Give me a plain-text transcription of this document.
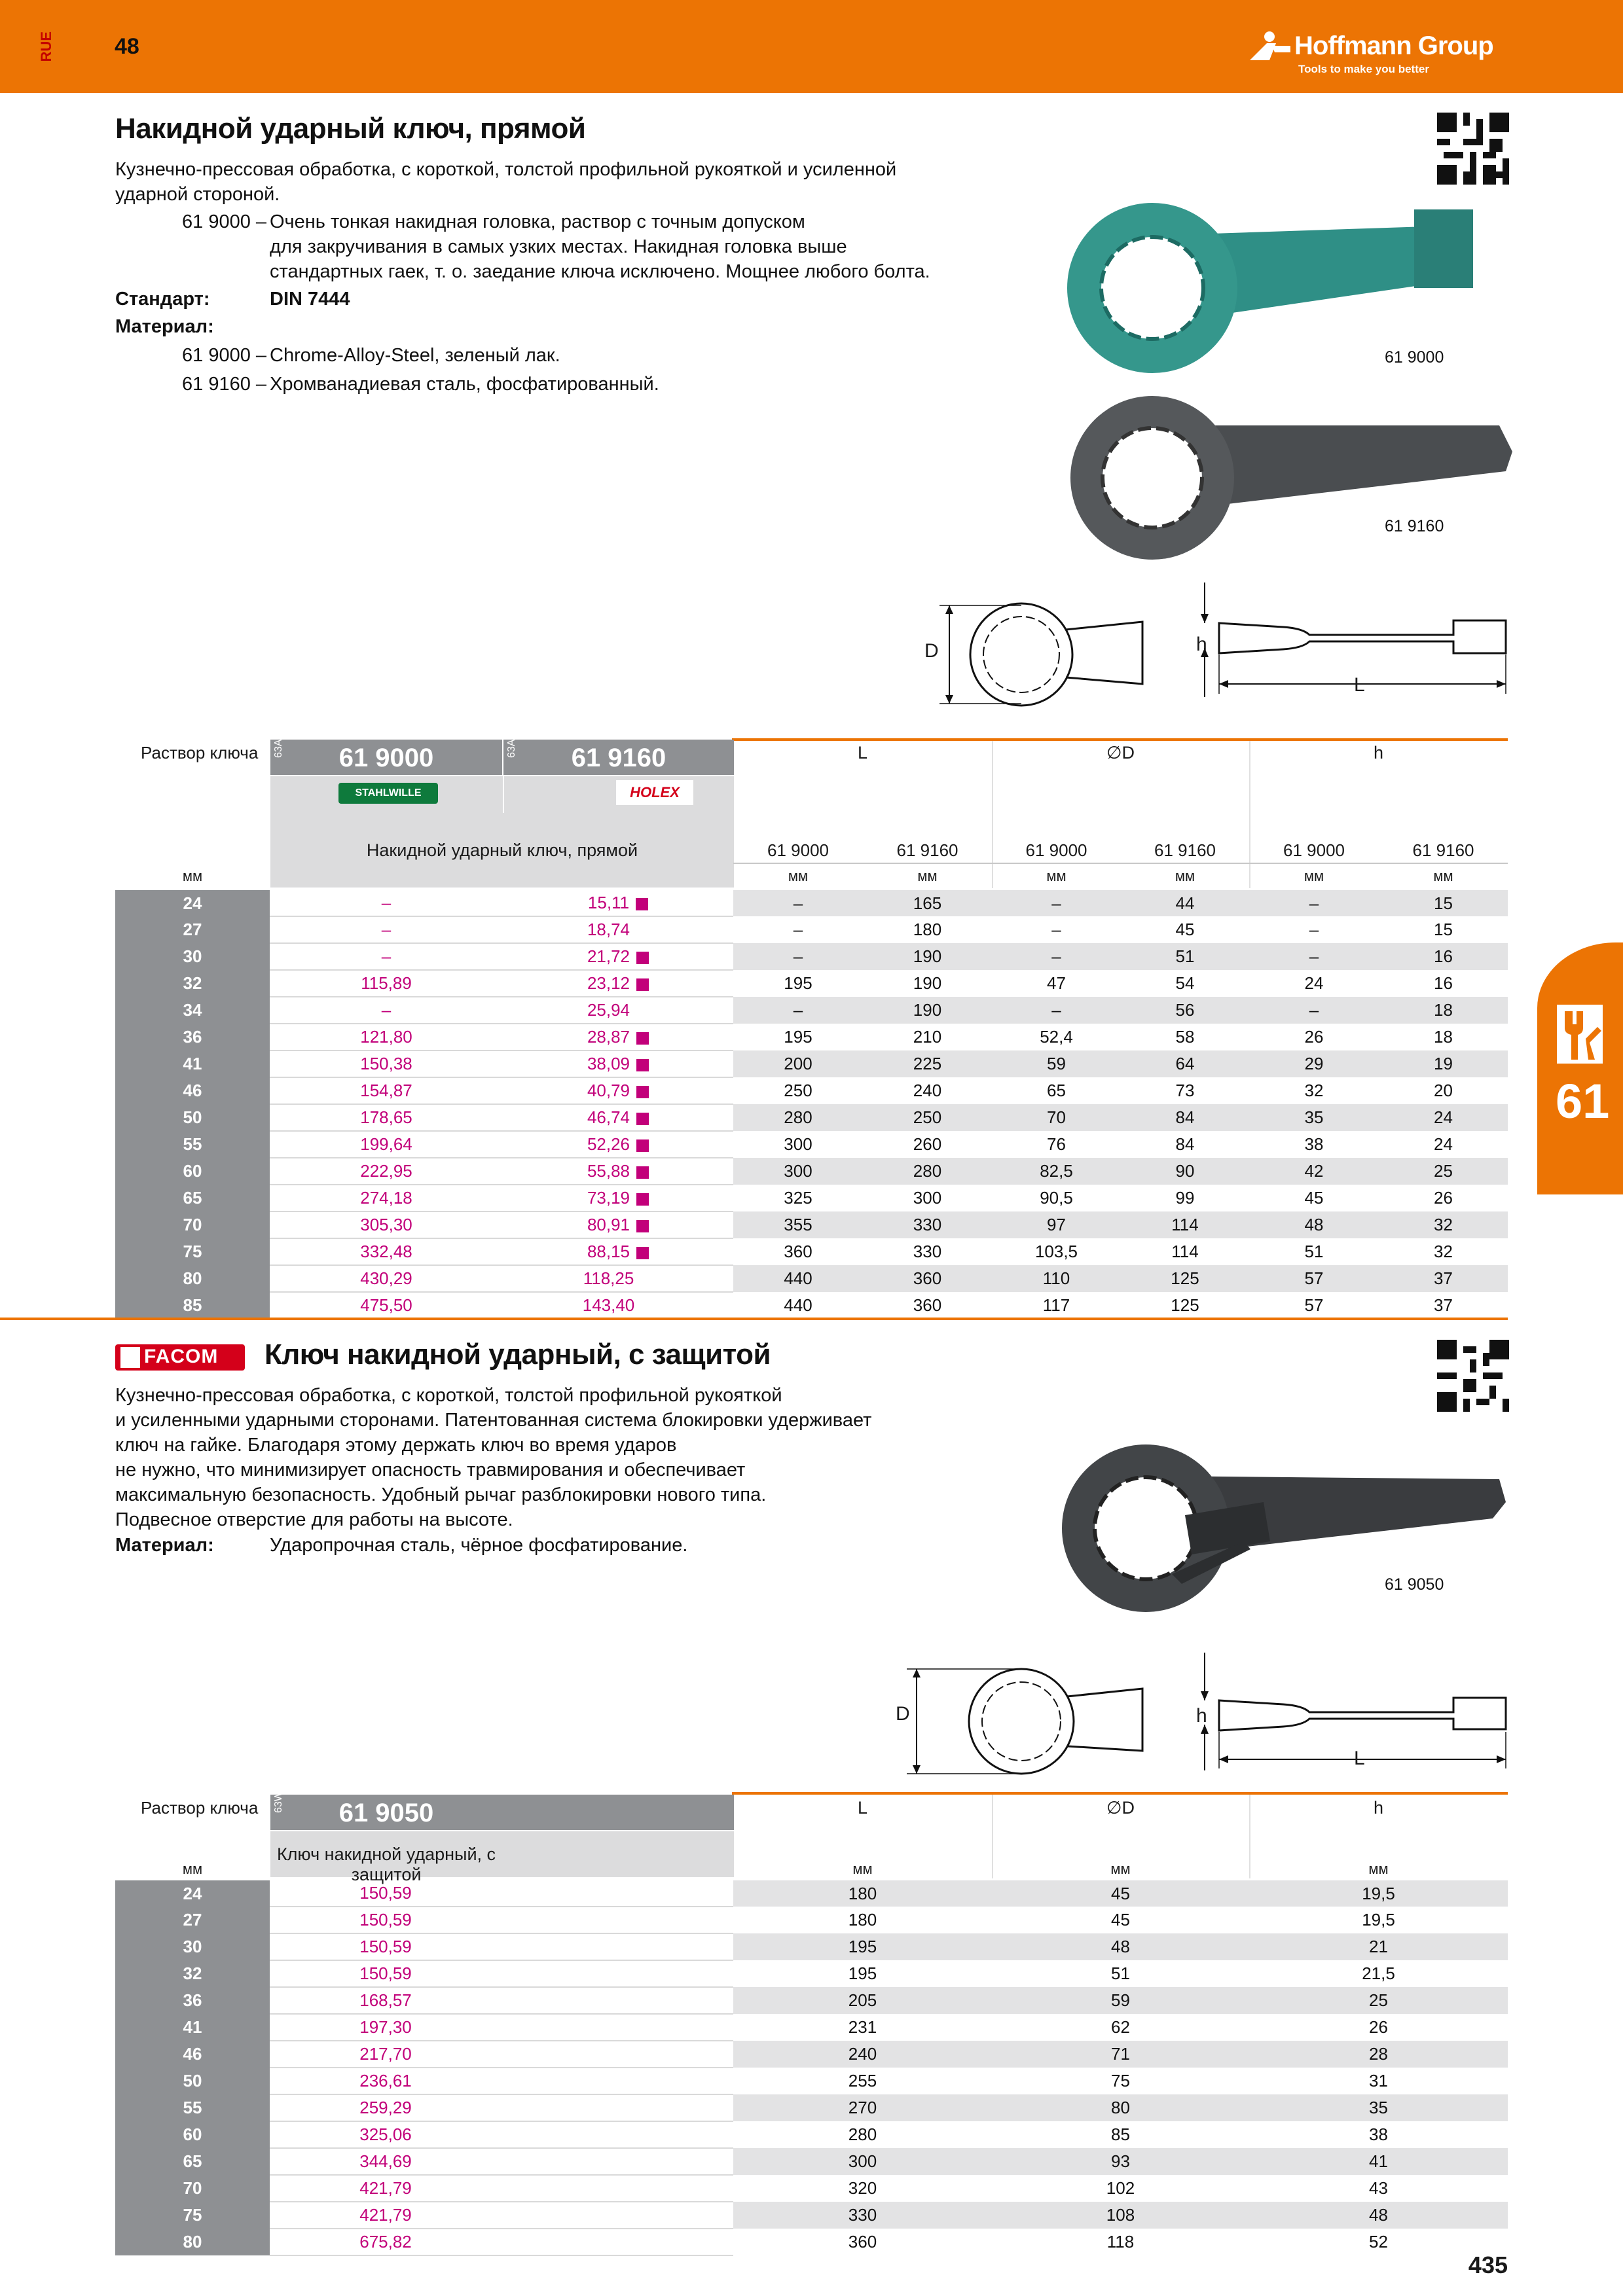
RUE	48	Hoffmann Group
Tools to make you better
Накидной ударный ключ, прямой
Кузнечно-прессовая обработка, с короткой, толстой профильной рукояткой и усиленной
ударной стороной.
61 9000 – Очень тонкая накидная головка, раствор с точным допуском
для закручивания в самых узких местах. Накидная головка выше
стандартных гаек, т. о. заедание ключа исключено. Мощнее любого болта.
Стандарт:	DIN 7444
Материал:
61 9000 – Chrome-Alloy-Steel, зеленый лак.
61 9160 – Хромванадиевая сталь, фосфатированный.
61 9000
61 9160
D	h
L
61
Раствор ключа 63A	61 9000	63A	61 9160
STAHLWILLE	HOLEX
Накидной ударный ключ, прямой
L	∅D	h
61 9000	61 9160	61 9000	61 9160	61 9000	61 9160
мм	мм	мм	мм	мм	мм	мм
24	–	15,11	–	165	–	44	–	15
27	–	18,74	–	180	–	45	–	15
30	–	21,72	–	190	–	51	–	16
32	115,89	23,12	195	190	47	54	24	16
34	–	25,94	–	190	–	56	–	18
36	121,80	28,87	195	210	52,4	58	26	18
41	150,38	38,09	200	225	59	64	29	19
46	154,87	40,79	250	240	65	73	32	20
50	178,65	46,74	280	250	70	84	35	24
55	199,64	52,26	300	260	76	84	38	24
60	222,95	55,88	300	280	82,5	90	42	25
65	274,18	73,19	325	300	90,5	99	45	26
70	305,30	80,91	355	330	97	114	48	32
75	332,48	88,15	360	330	103,5	114	51	32
80	430,29	118,25	440	360	110	125	57	37
85	475,50	143,40	440	360	117	125	57	37
FACOM Ключ накидной ударный, с защитой
Кузнечно-прессовая обработка, с короткой, толстой профильной рукояткой
и усиленными ударными сторонами. Патентованная система блокировки удерживает
ключ на гайке. Благодаря этому держать ключ во время ударов
не нужно, что минимизирует опасность травмирования и обеспечивает
максимальную безопасность. Удобный рычаг разблокировки нового типа.
Подвесное отверстие для работы на высоте.
Материал:	Ударопрочная сталь, чёрное фосфатирование.
61 9050
D	h
L
Раствор ключа 63W	61 9050
Ключ накидной ударный, с защитой
L	∅D	h
мм	мм	мм	мм
24	150,59	180	45	19,5
27	150,59	180	45	19,5
30	150,59	195	48	21
32	150,59	195	51	21,5
36	168,57	205	59	25
41	197,30	231	62	26
46	217,70	240	71	28
50	236,61	255	75	31
55	259,29	270	80	35
60	325,06	280	85	38
65	344,69	300	93	41
70	421,79	320	102	43
75	421,79	330	108	48
80	675,82	360	118	52
435
